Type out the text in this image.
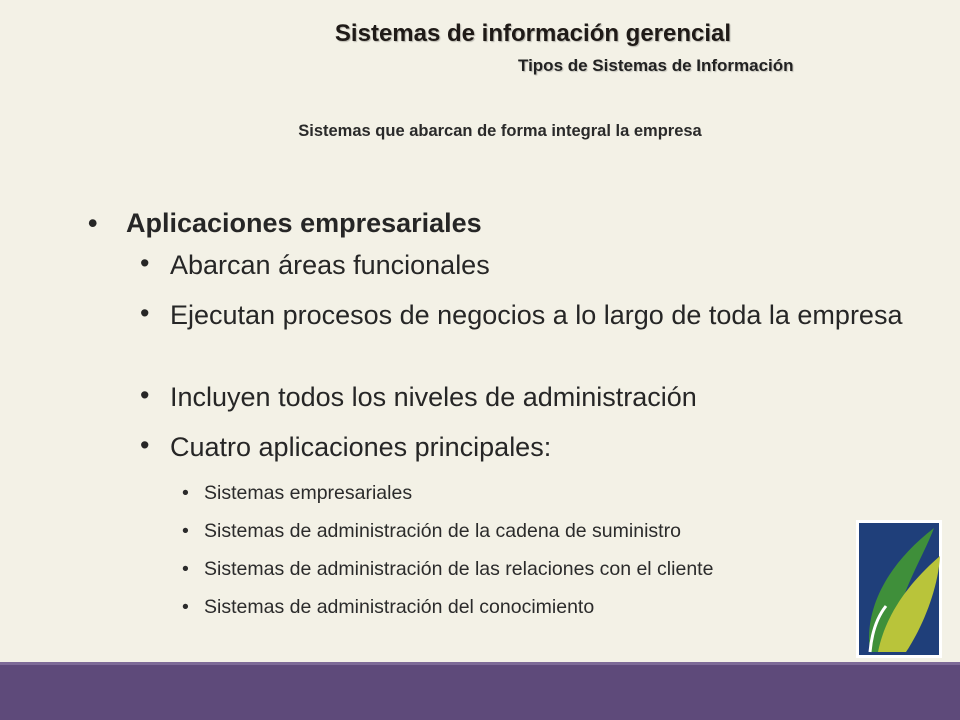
Sistemas de información gerencial
Tipos de Sistemas de Información
Sistemas que abarcan de forma integral la empresa
• Aplicaciones empresariales
• Abarcan áreas funcionales
• Ejecutan procesos de negocios a lo largo de toda la empresa
• Incluyen todos los niveles de administración
• Cuatro aplicaciones principales:
• Sistemas empresariales
• Sistemas de administración de la cadena de suministro
• Sistemas de administración de las relaciones con el cliente
• Sistemas de administración del conocimiento
